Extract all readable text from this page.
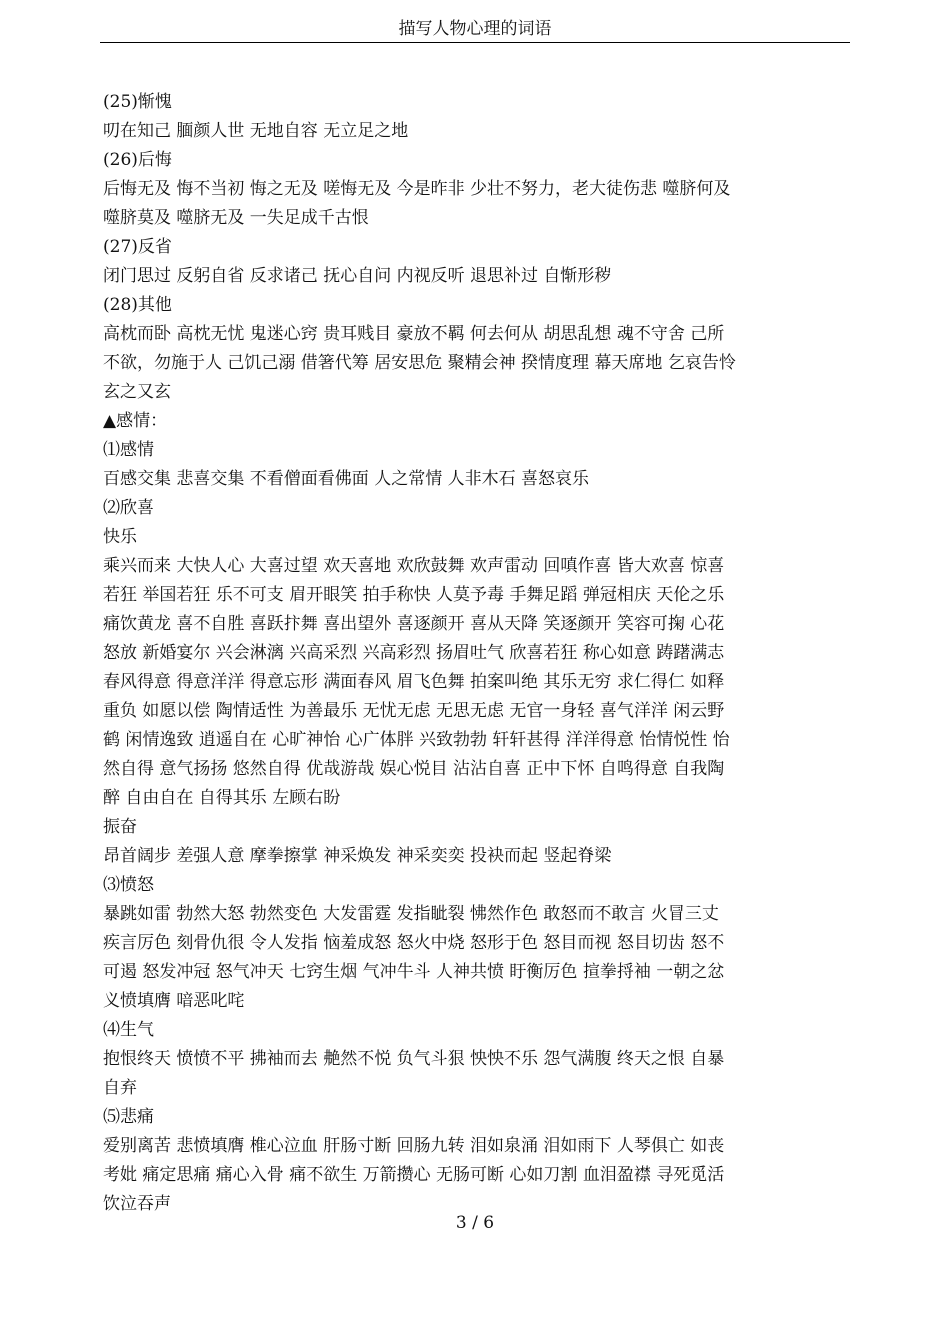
描写人物心理的词语
(25)惭愧
叨在知己 腼颜人世 无地自容 无立足之地
(26)后悔
后悔无及 悔不当初 悔之无及 嗟悔无及 今是昨非 少壮不努力，老大徒伤悲 噬脐何及
噬脐莫及 噬脐无及 一失足成千古恨
(27)反省
闭门思过 反躬自省 反求诸己 抚心自问 内视反听 退思补过 自惭形秽
(28)其他
高枕而卧 高枕无忧 鬼迷心窍 贵耳贱目 豪放不羁 何去何从 胡思乱想 魂不守舍 己所
不欲，勿施于人 己饥己溺 借箸代筹 居安思危 聚精会神 揆情度理 幕天席地 乞哀告怜
玄之又玄
▲感情：
⑴感情
百感交集 悲喜交集 不看僧面看佛面 人之常情 人非木石 喜怒哀乐
⑵欣喜
快乐
乘兴而来 大快人心 大喜过望 欢天喜地 欢欣鼓舞 欢声雷动 回嗔作喜 皆大欢喜 惊喜
若狂 举国若狂 乐不可支 眉开眼笑 拍手称快 人莫予毒 手舞足蹈 弹冠相庆 天伦之乐
痛饮黄龙 喜不自胜 喜跃抃舞 喜出望外 喜逐颜开 喜从天降 笑逐颜开 笑容可掬 心花
怒放 新婚宴尔 兴会淋漓 兴高采烈 兴高彩烈 扬眉吐气 欣喜若狂 称心如意 踌躇满志
春风得意 得意洋洋 得意忘形 满面春风 眉飞色舞 拍案叫绝 其乐无穷 求仁得仁 如释
重负 如愿以偿 陶情适性 为善最乐 无忧无虑 无思无虑 无官一身轻 喜气洋洋 闲云野
鹤 闲情逸致 逍遥自在 心旷神怡 心广体胖 兴致勃勃 轩轩甚得 洋洋得意 怡情悦性 怡
然自得 意气扬扬 悠然自得 优哉游哉 娱心悦目 沾沾自喜 正中下怀 自鸣得意 自我陶
醉 自由自在 自得其乐 左顾右盼
振奋
昂首阔步 差强人意 摩拳擦掌 神采焕发 神采奕奕 投袂而起 竖起脊梁
⑶愤怒
暴跳如雷 勃然大怒 勃然变色 大发雷霆 发指眦裂 怫然作色 敢怒而不敢言 火冒三丈
疾言厉色 刻骨仇很 令人发指 恼羞成怒 怒火中烧 怒形于色 怒目而视 怒目切齿 怒不
可遏 怒发冲冠 怒气冲天 七窍生烟 气冲牛斗 人神共愤 盱衡厉色 揎拳捋袖 一朝之忿
义愤填膺 喑恶叱咤
⑷生气
抱恨终天 愤愤不平 拂袖而去 艴然不悦 负气斗狠 怏怏不乐 怨气满腹 终天之恨 自暴
自弃
⑸悲痛
爱别离苦 悲愤填膺 椎心泣血 肝肠寸断 回肠九转 泪如泉涌 泪如雨下 人琴俱亡 如丧
考妣 痛定思痛 痛心入骨 痛不欲生 万箭攒心 无肠可断 心如刀割 血泪盈襟 寻死觅活
饮泣吞声
3 / 6
